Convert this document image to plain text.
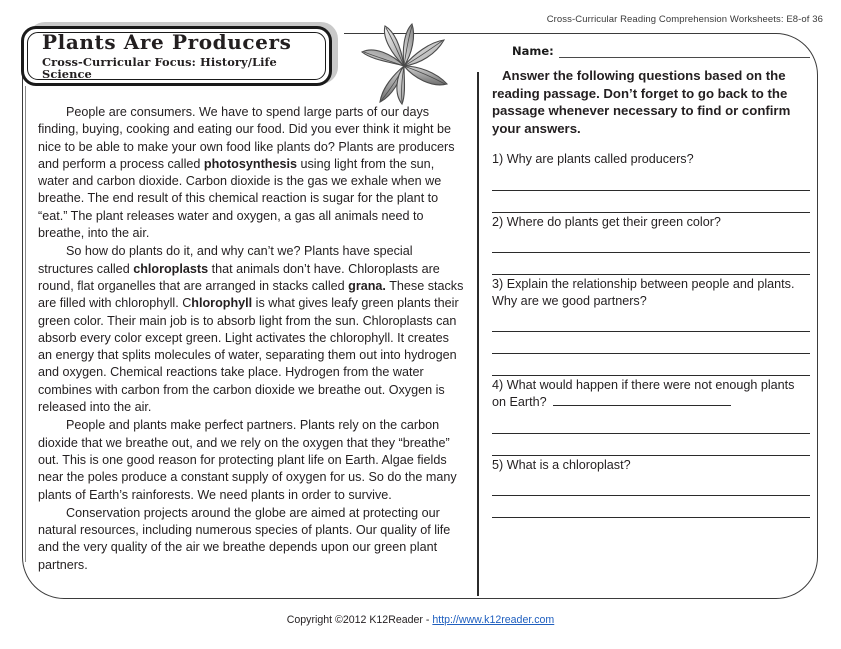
Cross-Curricular Reading Comprehension Worksheets: E8-of 36
Plants Are Producers
Cross-Curricular Focus: History/Life Science

People are consumers. We have to spend large parts of our days finding, buying, cooking and eating our food. Did you ever think it might be nice to be able to make your own food like plants do? Plants are producers and perform a process called photosynthesis using light from the sun, water and carbon dioxide. Carbon dioxide is the gas we exhale when we breathe. The end result of this chemical reaction is sugar for the plant to “eat.” The plant releases water and oxygen, a gas all animals need to breathe, into the air.

So how do plants do it, and why can’t we? Plants have special structures called chloroplasts that animals don’t have. Chloroplasts are round, flat organelles that are arranged in stacks called grana. These stacks are filled with chlorophyll. Chlorophyll is what gives leafy green plants their green color. Their main job is to absorb light from the sun. Chloroplasts can absorb every color except green. Light activates the chlorophyll. It creates an energy that splits molecules of water, separating them out into hydrogen and oxygen. Chemical reactions take place. Hydrogen from the water combines with carbon from the carbon dioxide we breathe out. Oxygen is released into the air.

People and plants make perfect partners. Plants rely on the carbon dioxide that we breathe out, and we rely on the oxygen that they “breathe” out. This is one good reason for protecting plant life on Earth. Algae fields near the poles produce a constant supply of oxygen for us. So do the many plants of Earth’s rainforests. We need plants in order to survive.

Conservation projects around the globe are aimed at protecting our natural resources, including numerous species of plants. Our quality of life and the very quality of the air we breathe depends upon our green plant partners.

Name:
Answer the following questions based on the reading passage. Don’t forget to go back to the passage whenever necessary to find or confirm your answers.

1) Why are plants called producers?

2) Where do plants get their green color?

3) Explain the relationship between people and plants. Why are we good partners?

4) What would happen if there were not enough plants on Earth?

5) What is a chloroplast?

Copyright ©2012 K12Reader - http://www.k12reader.com
